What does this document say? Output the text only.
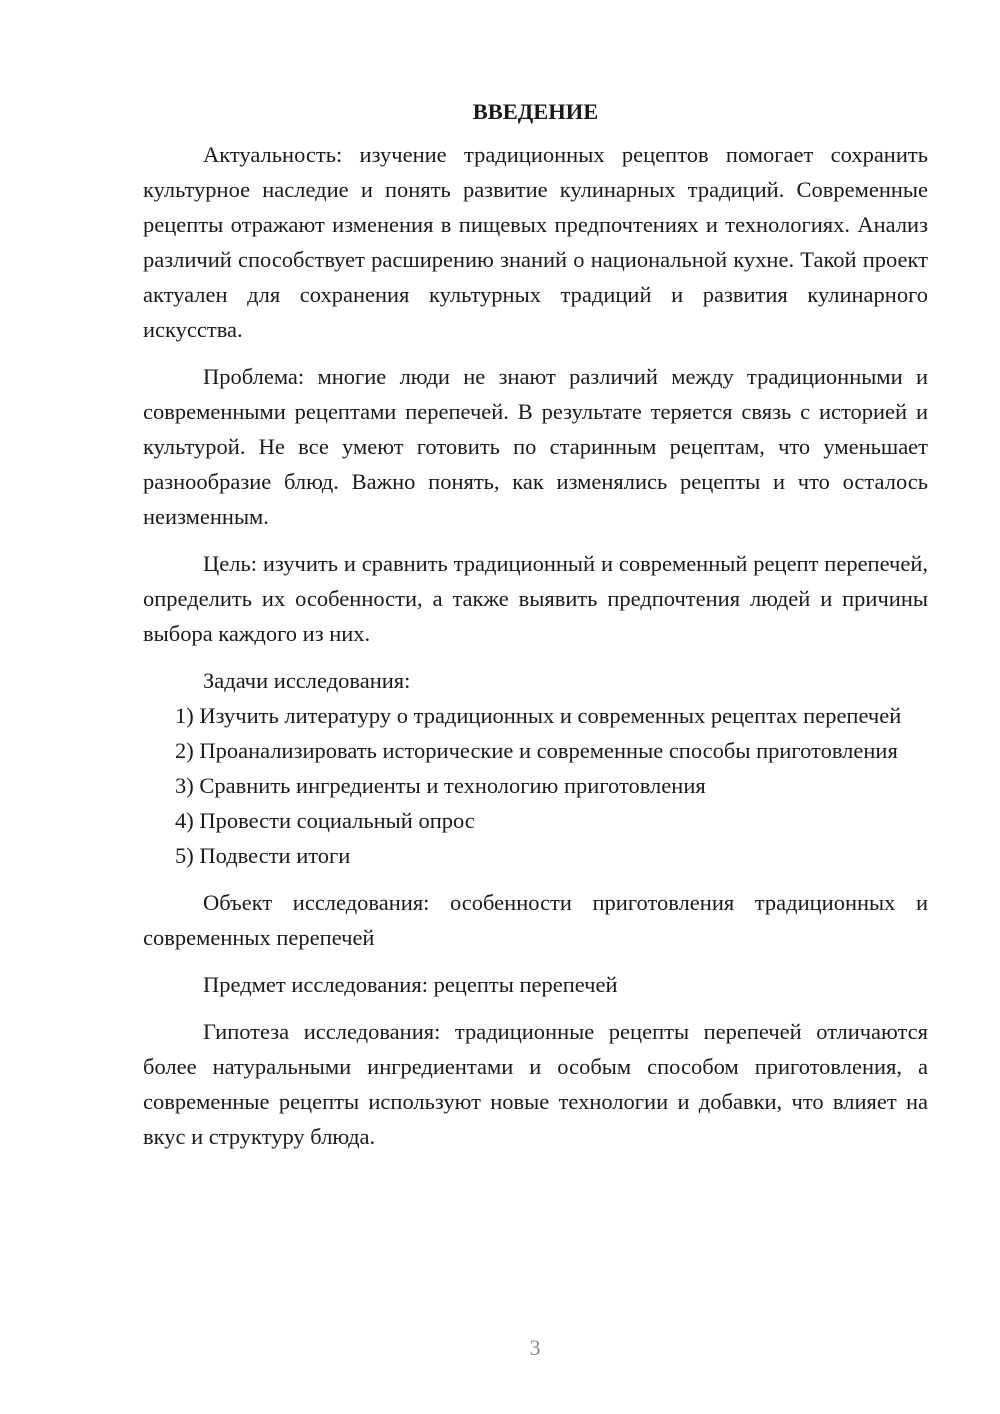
ВВЕДЕНИЕ

Актуальность: изучение традиционных рецептов помогает сохранить культурное наследие и понять развитие кулинарных традиций. Современные рецепты отражают изменения в пищевых предпочтениях и технологиях. Анализ различий способствует расширению знаний о национальной кухне. Такой проект актуален для сохранения культурных традиций и развития кулинарного искусства.

Проблема: многие люди не знают различий между традиционными и современными рецептами перепечей. В результате теряется связь с историей и культурой. Не все умеют готовить по старинным рецептам, что уменьшает разнообразие блюд. Важно понять, как изменялись рецепты и что осталось неизменным.

Цель: изучить и сравнить традиционный и современный рецепт перепечей, определить их особенности, а также выявить предпочтения людей и причины выбора каждого из них.

Задачи исследования:

1) Изучить литературу о традиционных и современных рецептах перепечей

2) Проанализировать исторические и современные способы приготовления

3) Сравнить ингредиенты и технологию приготовления

4) Провести социальный опрос

5) Подвести итоги

Объект исследования: особенности приготовления традиционных и современных перепечей

Предмет исследования: рецепты перепечей

Гипотеза исследования: традиционные рецепты перепечей отличаются более натуральными ингредиентами и особым способом приготовления, а современные рецепты используют новые технологии и добавки, что влияет на вкус и структуру блюда.

3
